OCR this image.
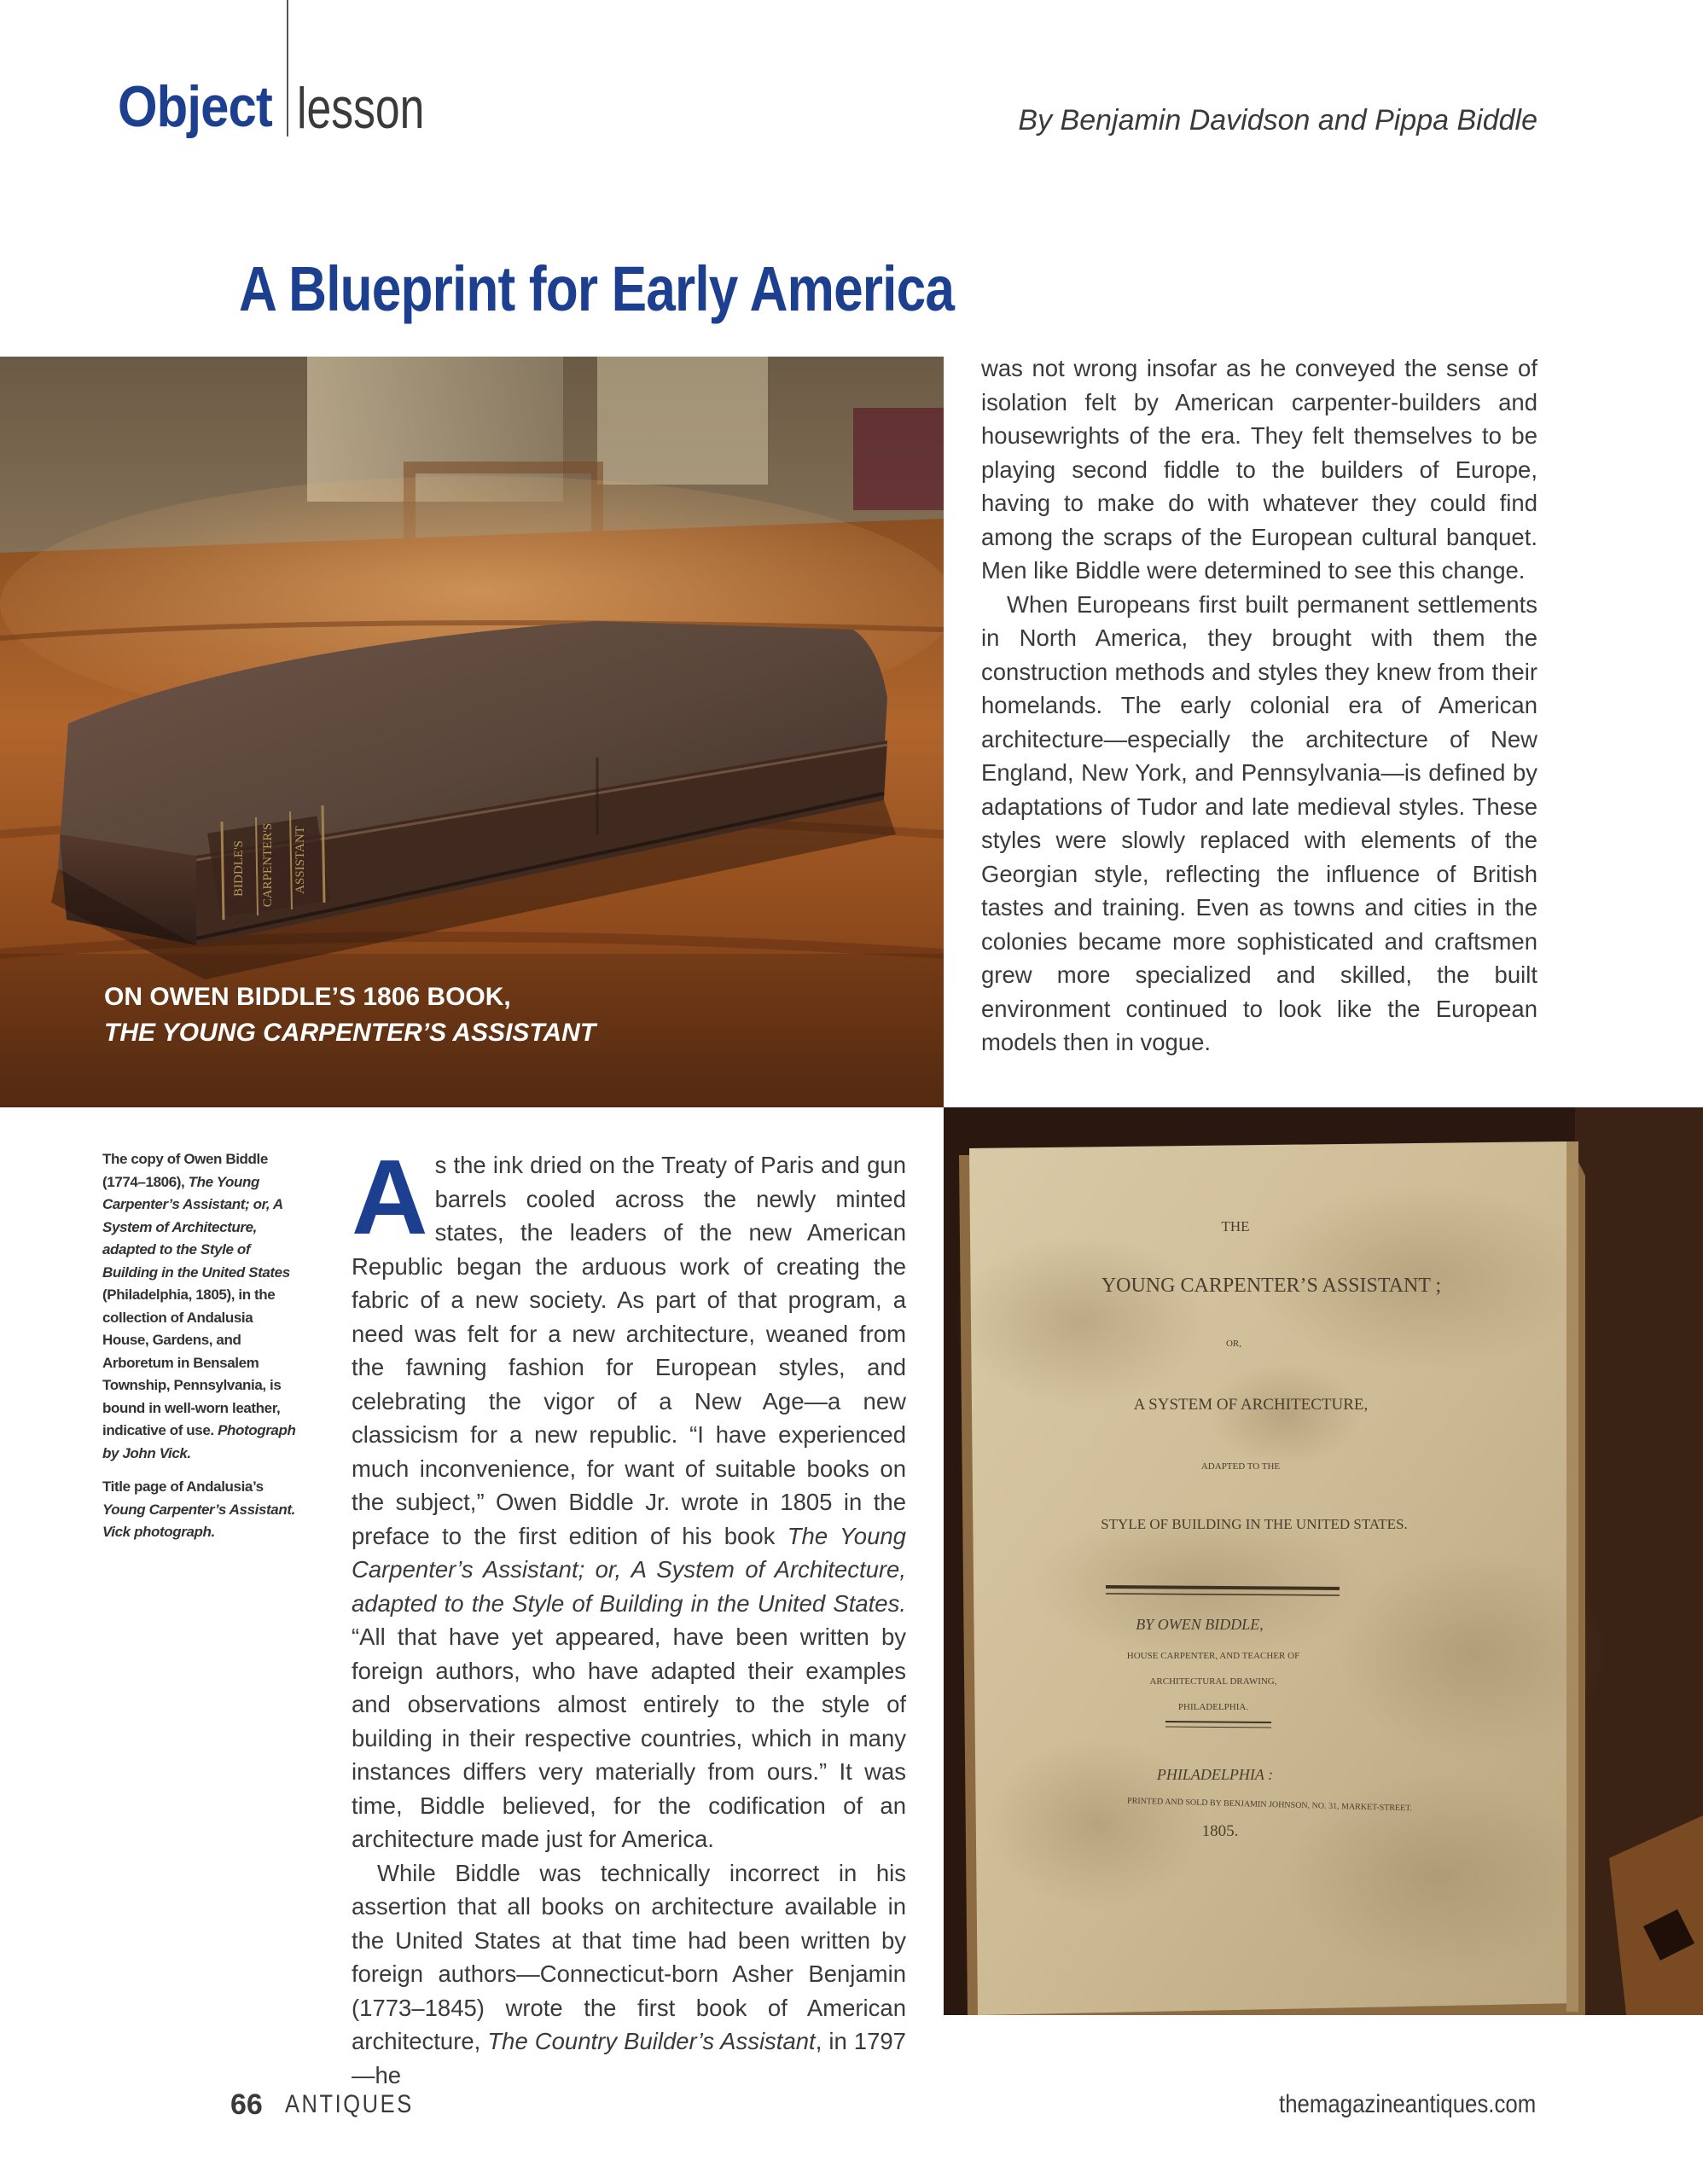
Object lesson	By Benjamin Davidson and Pippa Biddle
A Blueprint for Early America
BIDDLE'S CARPENTER'S ASSISTANT
ON OWEN BIDDLE’S 1806 BOOK,
THE YOUNG CARPENTER’S ASSISTANT

was not wrong insofar as he conveyed the sense of isolation felt by American carpenter-builders and housewrights of the era. They felt themselves to be playing second fiddle to the builders of Europe, having to make do with whatever they could find among the scraps of the European cultural banquet. Men like Biddle were determined to see this change.

When Europeans first built permanent settlements in North America, they brought with them the construction methods and styles they knew from their homelands. The early colonial era of American architecture—especially the architecture of New England, New York, and Pennsylvania—is defined by adaptations of Tudor and late medieval styles. These styles were slowly replaced with elements of the Georgian style, reflecting the influence of British tastes and training. Even as towns and cities in the colonies became more sophisticated and craftsmen grew more specialized and skilled, the built environment continued to look like the European models then in vogue.

The copy of Owen Biddle (1774–1806), The Young Carpenter’s Assistant; or, A System of Architecture, adapted to the Style of Building in the United States (Philadelphia, 1805), in the collection of Andalusia House, Gardens, and Arboretum in Bensalem Township, Pennsylvania, is bound in well-worn leather, indicative of use. Photograph by John Vick.
Title page of Andalusia’s Young Carpenter’s Assistant. Vick photograph.

As the ink dried on the Treaty of Paris and gun barrels cooled across the newly minted states, the leaders of the new American Republic began the arduous work of creating the fabric of a new society. As part of that program, a need was felt for a new architecture, weaned from the fawning fashion for European styles, and celebrating the vigor of a New Age—a new classicism for a new republic. “I have experienced much inconvenience, for want of suitable books on the subject,” Owen Biddle Jr. wrote in 1805 in the preface to the first edition of his book The Young Carpenter’s Assistant; or, A System of Architecture, adapted to the Style of Building in the United States. “All that have yet appeared, have been written by foreign authors, who have adapted their examples and observations almost entirely to the style of building in their respective countries, which in many instances differs very materially from ours.” It was time, Biddle believed, for the codification of an architecture made just for America.

While Biddle was technically incorrect in his assertion that all books on architecture available in the United States at that time had been written by foreign authors—Connecticut-born Asher Benjamin (1773–1845) wrote the first book of American architecture, The Country Builder’s Assistant, in 1797—he

THE
YOUNG CARPENTER’S ASSISTANT ;
OR,
A SYSTEM OF ARCHITECTURE,
ADAPTED TO THE
STYLE OF BUILDING IN THE UNITED STATES.
BY OWEN BIDDLE,
HOUSE CARPENTER, AND TEACHER OF
ARCHITECTURAL DRAWING,
PHILADELPHIA.
PHILADELPHIA :
PRINTED AND SOLD BY BENJAMIN JOHNSON, NO. 31, MARKET-STREET.
1805.
66 ANTIQUES	themagazineantiques.com
